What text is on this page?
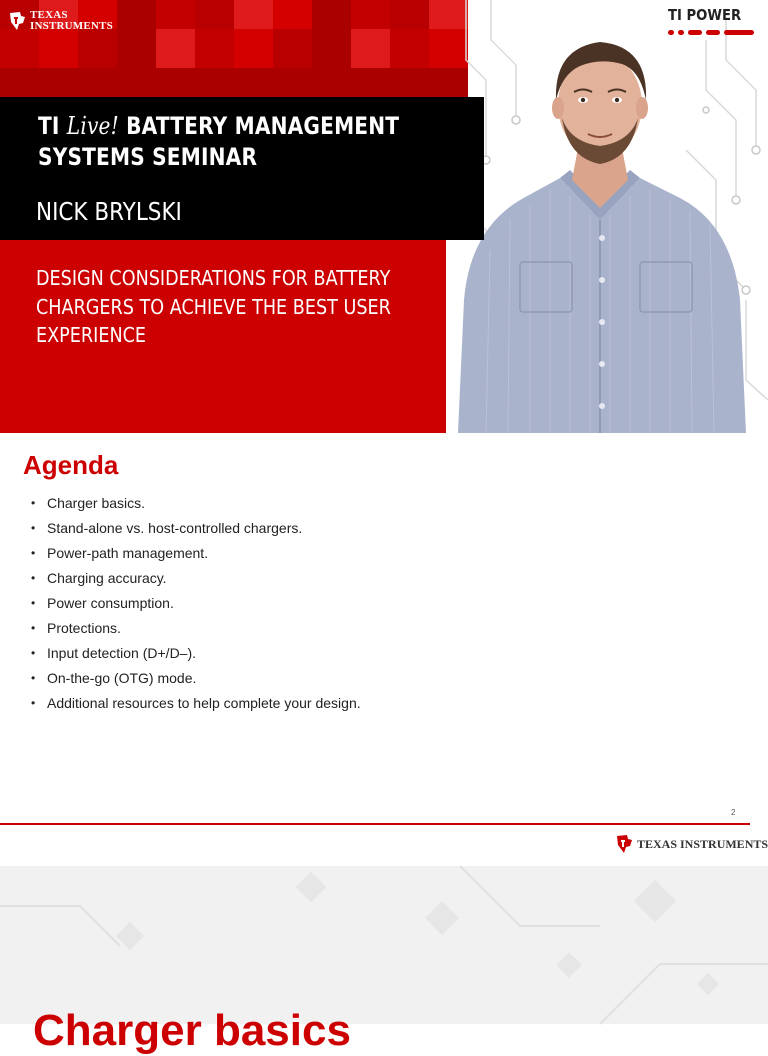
TEXAS
INSTRUMENTS
DESIGN CONSIDERATIONS FOR BATTERY CHARGERS TO ACHIEVE THE BEST USER EXPERIENCE
TI POWER
TI Live! BATTERY MANAGEMENT SYSTEMS SEMINAR
NICK BRYLSKI
Agenda
• Charger basics.
• Stand-alone vs. host-controlled chargers.
• Power-path management.
• Charging accuracy.
• Power consumption.
• Protections.
• Input detection (D+/D–).
• On-the-go (OTG) mode.
• Additional resources to help complete your design.
2
TEXAS INSTRUMENTS
Charger basics
